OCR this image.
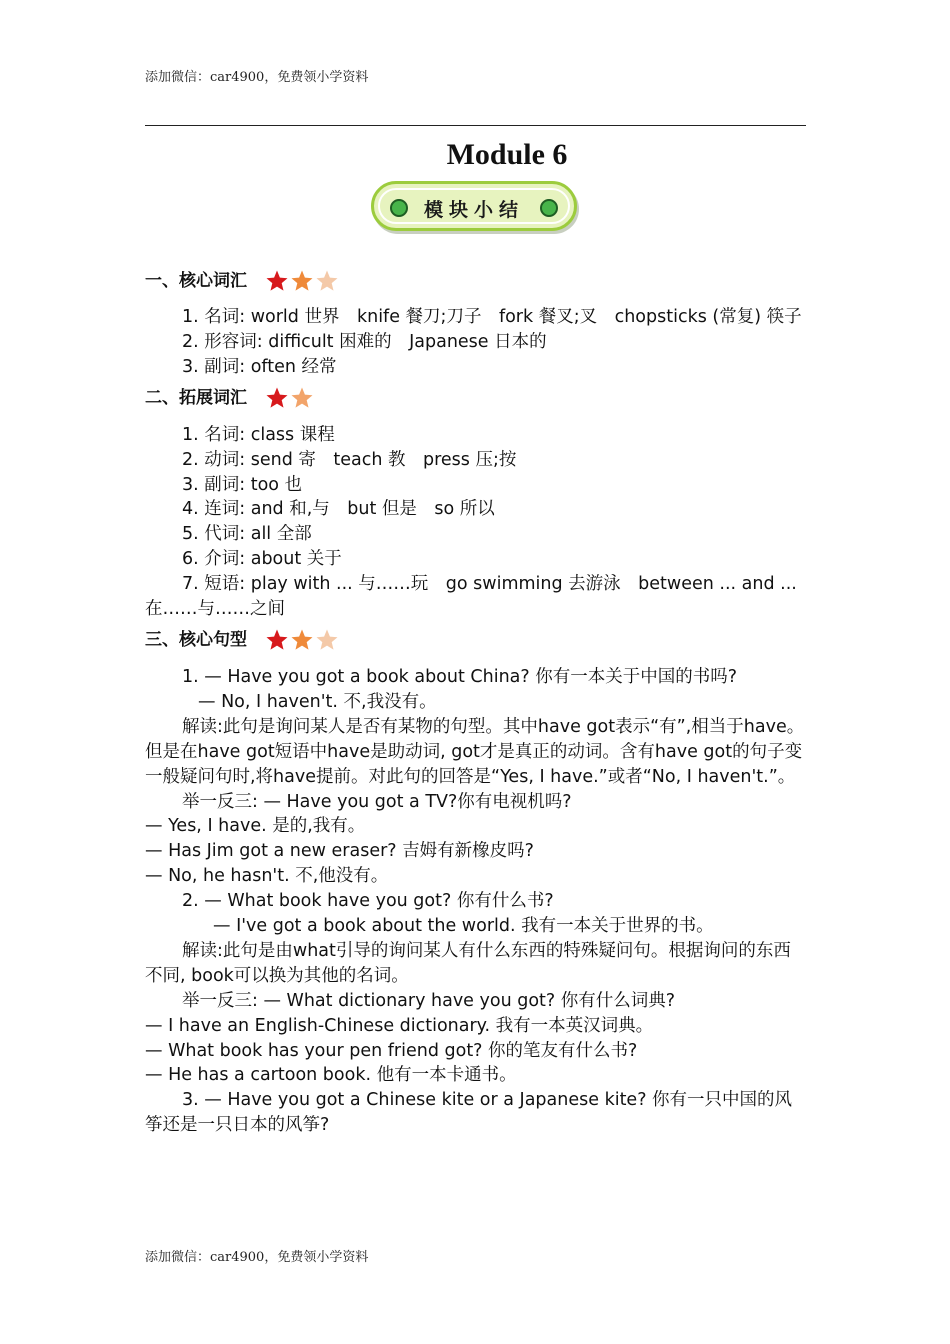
添加微信：car4900，免费领小学资料
Module 6
模块小结
一、核心词汇

1. 名词: world 世界　knife 餐刀;刀子　fork 餐叉;叉　chopsticks (常复) 筷子

2. 形容词: difficult 困难的　Japanese 日本的

3. 副词: often 经常

二、拓展词汇

1. 名词: class 课程

2. 动词: send 寄　teach 教　press 压;按

3. 副词: too 也

4. 连词: and 和,与　but 但是　so 所以

5. 代词: all 全部

6. 介词: about 关于

7. 短语: play with ... 与……玩　go swimming 去游泳　between ... and ... 在……与……之间

三、核心句型

1. — Have you got a book about China? 你有一本关于中国的书吗?

— No, I haven't. 不,我没有。

解读:此句是询问某人是否有某物的句型。其中have got表示“有”,相当于have。但是在have got短语中have是助动词, got才是真正的动词。含有have got的句子变一般疑问句时,将have提前。对此句的回答是“Yes, I have.”或者“No, I haven't.”。

举一反三: — Have you got a TV?你有电视机吗?

— Yes, I have. 是的,我有。

— Has Jim got a new eraser? 吉姆有新橡皮吗?

— No, he hasn't. 不,他没有。

2. — What book have you got? 你有什么书?

— I've got a book about the world. 我有一本关于世界的书。

解读:此句是由what引导的询问某人有什么东西的特殊疑问句。根据询问的东西不同, book可以换为其他的名词。

举一反三: — What dictionary have you got? 你有什么词典?

— I have an English-Chinese dictionary. 我有一本英汉词典。

— What book has your pen friend got? 你的笔友有什么书?

— He has a cartoon book. 他有一本卡通书。

3. — Have you got a Chinese kite or a Japanese kite? 你有一只中国的风筝还是一只日本的风筝?

添加微信：car4900，免费领小学资料
